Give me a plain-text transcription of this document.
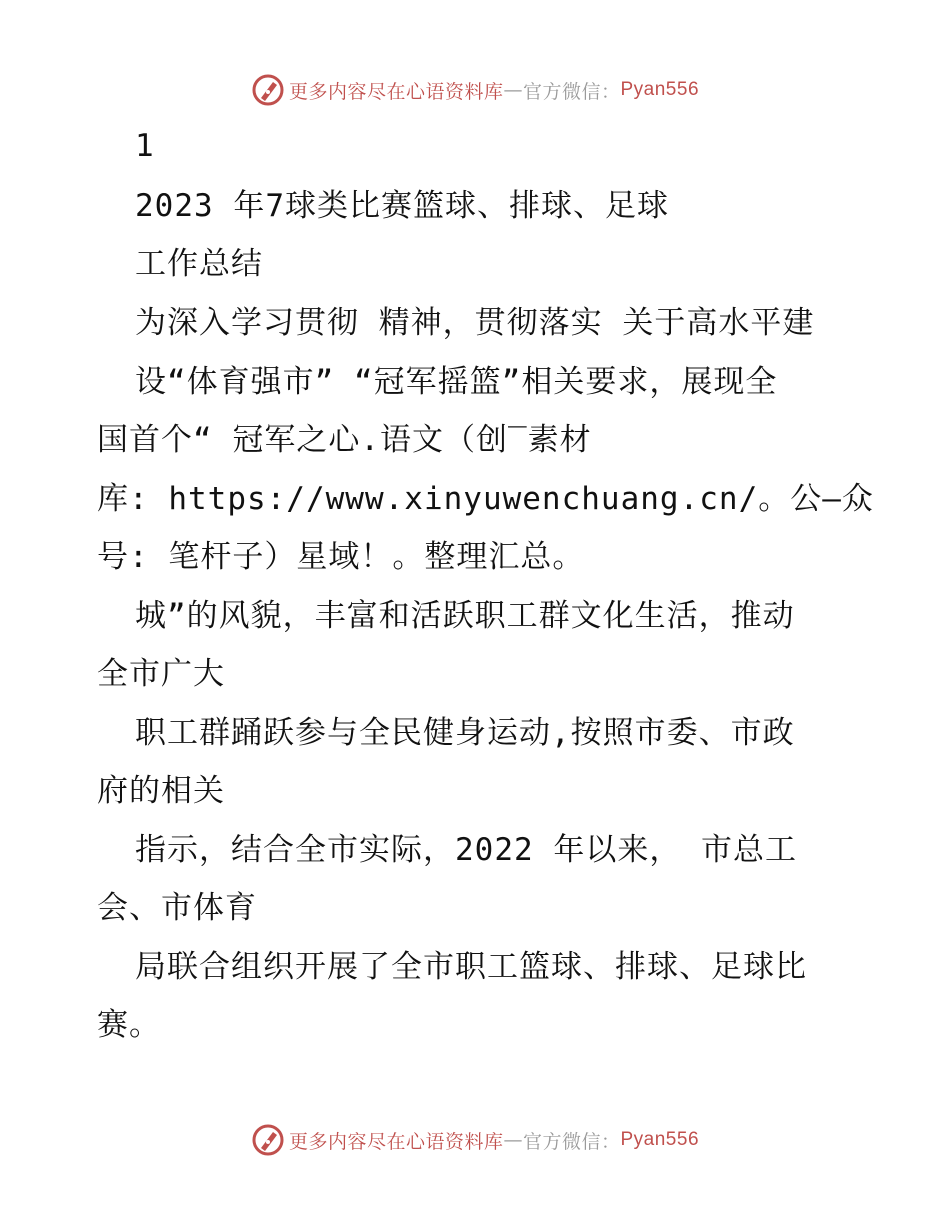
更多内容尽在心语资料库 — 官方微信： Pyan556
1
2023 年7球类比赛篮球、排球、足球
工作总结
为深入学习贯彻 精神，贯彻落实 关于高水平建
设“体育强市” “冠军摇篮”相关要求，展现全
国首个“ 冠军之心.语文（创‾素材
库: https://www.xinyuwenchuang.cn/。公—众
号: 笔杆子）星域！。整理汇总。
城”的风貌，丰富和活跃职工群文化生活，推动
全市广大
职工群踊跃参与全民健身运动,按照市委、市政
府的相关
指示，结合全市实际，2022 年以来， 市总工
会、市体育
局联合组织开展了全市职工篮球、排球、足球比
赛。
更多内容尽在心语资料库 — 官方微信： Pyan556
